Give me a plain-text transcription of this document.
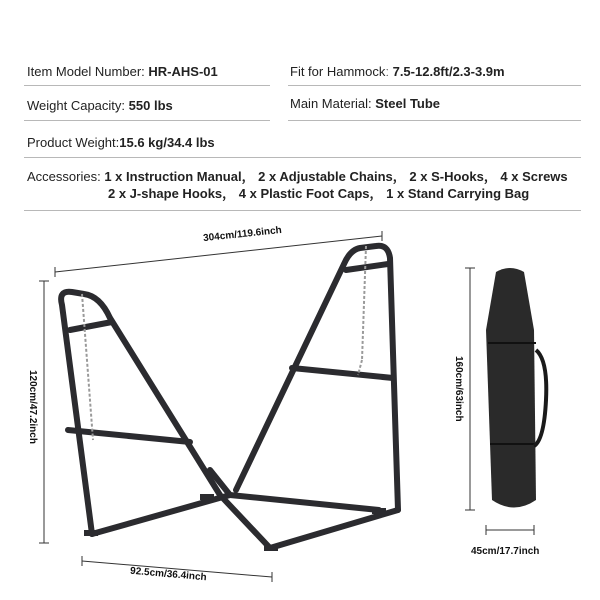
Item Model Number: HR-AHS-01	Fit for Hammockː 7.5-12.8ft/2.3-3.9m
Weight Capacity: 550 lbs	Main Material: Steel Tube
Product Weight:15.6 kg/34.4 lbs
Accessories: 1 x Instruction Manual， 2 x Adjustable Chains， 2 x S-Hooks， 4 x Screws
2 x J-shape Hooks， 4 x Plastic Foot Caps， 1 x Stand Carrying Bag
304cm/119.6inch
120cm/47.2inch
92.5cm/36.4inch
160cm/63inch
45cm/17.7inch
